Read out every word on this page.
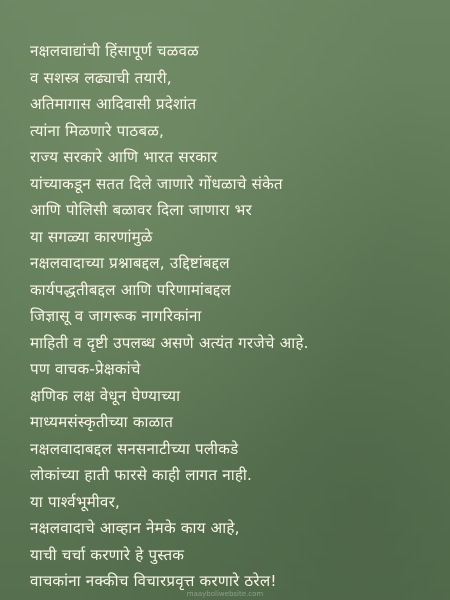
नक्षलवाद्यांची हिंसापूर्ण चळवळ
व सशस्त्र लढ्याची तयारी,
अतिमागास आदिवासी प्रदेशांत
त्यांना मिळणारे पाठबळ,
राज्य सरकारे आणि भारत सरकार
यांच्याकडून सतत दिले जाणारे गोंधळाचे संकेत
आणि पोलिसी बळावर दिला जाणारा भर
या सगळ्या कारणांमुळे
नक्षलवादाच्या प्रश्नाबद्दल, उद्दिष्टांबद्दल
कार्यपद्धतीबद्दल आणि परिणामांबद्दल
जिज्ञासू व जागरूक नागरिकांना
माहिती व दृष्टी उपलब्ध असणे अत्यंत गरजेचे आहे.
पण वाचक-प्रेक्षकांचे
क्षणिक लक्ष वेधून घेण्याच्या
माध्यमसंस्कृतीच्या काळात
नक्षलवादाबद्दल सनसनाटीच्या पलीकडे
लोकांच्या हाती फारसे काही लागत नाही.
या पार्श्वभूमीवर,
नक्षलवादाचे आव्हान नेमके काय आहे,
याची चर्चा करणारे हे पुस्तक
वाचकांना नक्कीच विचारप्रवृत्त करणारे ठरेल!
maayboliwebsite.com
